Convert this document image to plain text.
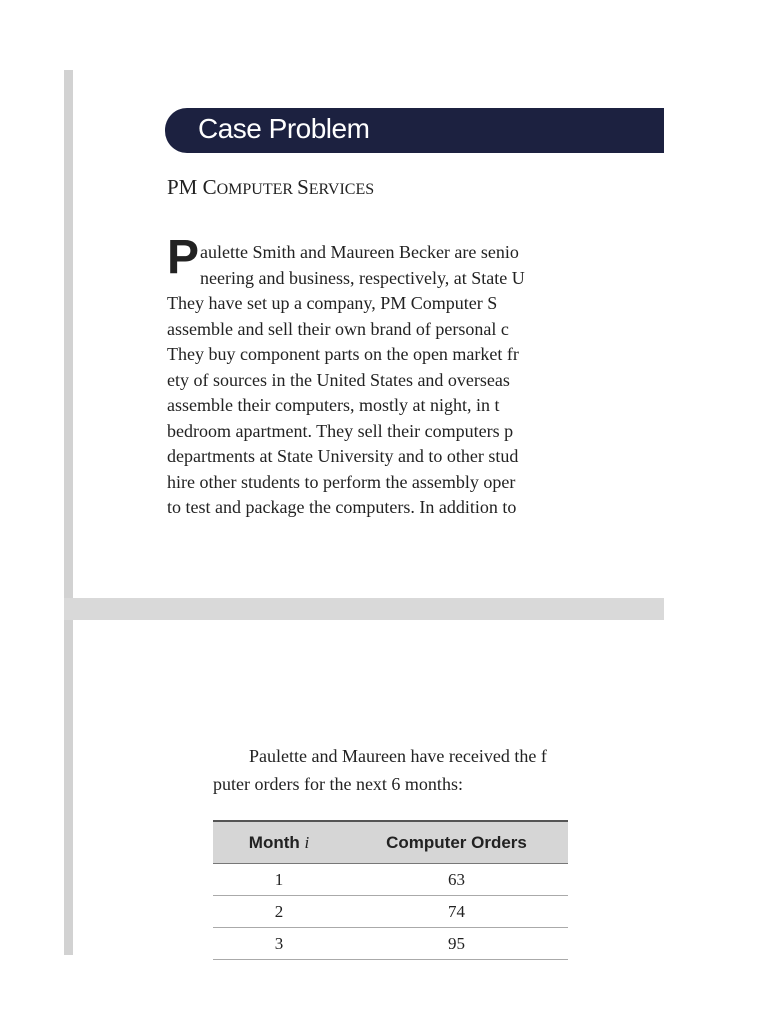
Case Problem
PM COMPUTER SERVICES
P aulette Smith and Maureen Becker are senio
neering and business, respectively, at State U
They have set up a company, PM Computer S
assemble and sell their own brand of personal c
They buy component parts on the open market fr
ety of sources in the United States and overseas
assemble their computers, mostly at night, in t
bedroom apartment. They sell their computers p
departments at State University and to other stud
hire other students to perform the assembly oper
to test and package the computers. In addition to
Paulette and Maureen have received the f
puter orders for the next 6 months:
Month i	Computer Orders
1	63
2	74
3	95
